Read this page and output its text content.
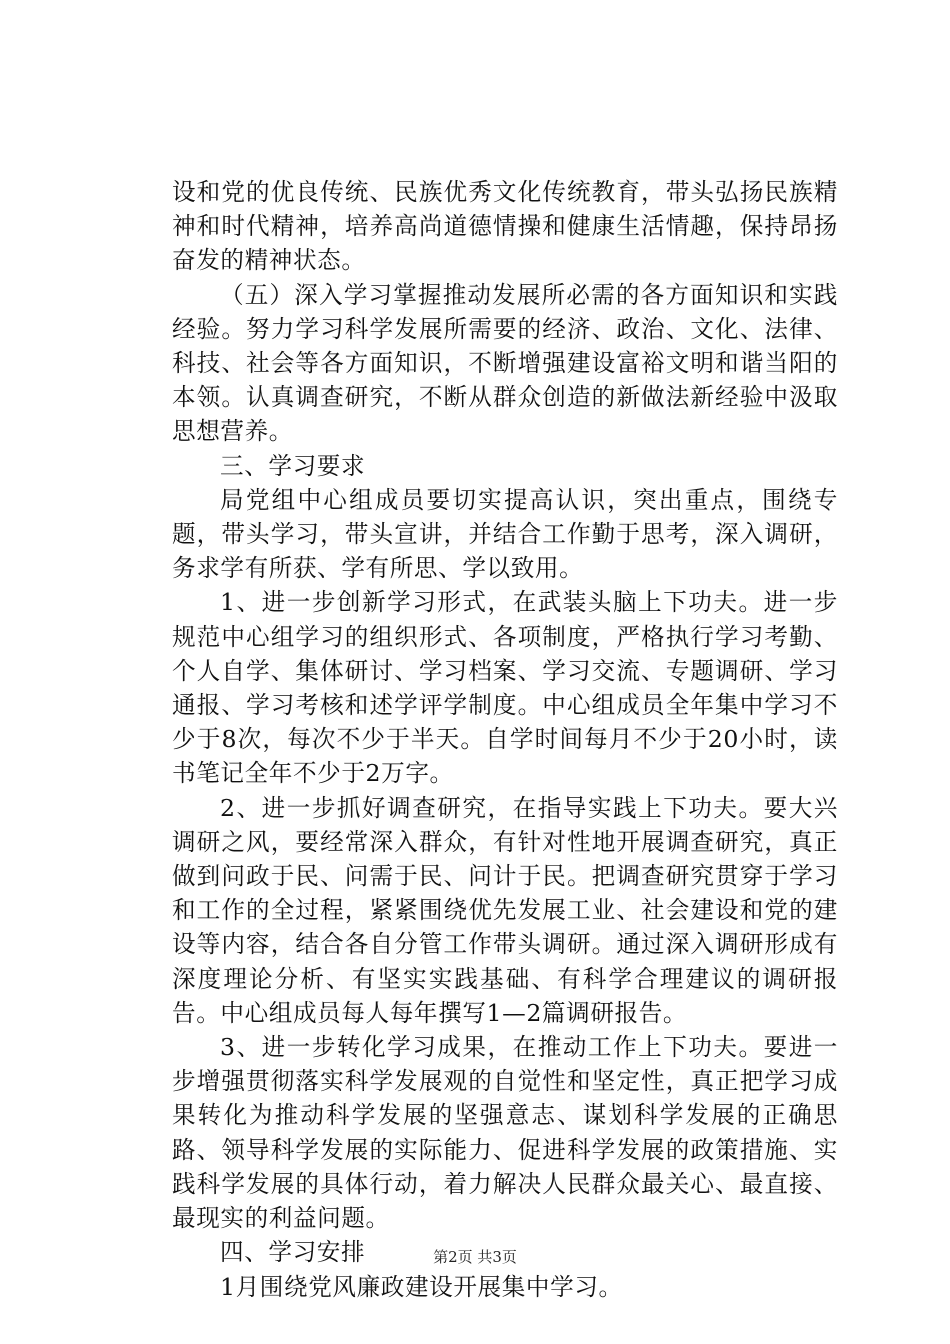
设和党的优良传统、民族优秀文化传统教育，带头弘扬民族精神和时代精神，培养高尚道德情操和健康生活情趣，保持昂扬奋发的精神状态。

（五）深入学习掌握推动发展所必需的各方面知识和实践经验。努力学习科学发展所需要的经济、政治、文化、法律、科技、社会等各方面知识，不断增强建设富裕文明和谐当阳的本领。认真调查研究，不断从群众创造的新做法新经验中汲取思想营养。

三、学习要求

局党组中心组成员要切实提高认识，突出重点，围绕专题，带头学习，带头宣讲，并结合工作勤于思考，深入调研，务求学有所获、学有所思、学以致用。

1、进一步创新学习形式，在武装头脑上下功夫。进一步规范中心组学习的组织形式、各项制度，严格执行学习考勤、个人自学、集体研讨、学习档案、学习交流、专题调研、学习通报、学习考核和述学评学制度。中心组成员全年集中学习不少于8次，每次不少于半天。自学时间每月不少于20小时，读书笔记全年不少于2万字。

2、进一步抓好调查研究，在指导实践上下功夫。要大兴调研之风，要经常深入群众，有针对性地开展调查研究，真正做到问政于民、问需于民、问计于民。把调查研究贯穿于学习和工作的全过程，紧紧围绕优先发展工业、社会建设和党的建设等内容，结合各自分管工作带头调研。通过深入调研形成有深度理论分析、有坚实实践基础、有科学合理建议的调研报告。中心组成员每人每年撰写1—2篇调研报告。

3、进一步转化学习成果，在推动工作上下功夫。要进一步增强贯彻落实科学发展观的自觉性和坚定性，真正把学习成果转化为推动科学发展的坚强意志、谋划科学发展的正确思路、领导科学发展的实际能力、促进科学发展的政策措施、实践科学发展的具体行动，着力解决人民群众最关心、最直接、最现实的利益问题。

四、学习安排

1月围绕党风廉政建设开展集中学习。

第2页 共3页
